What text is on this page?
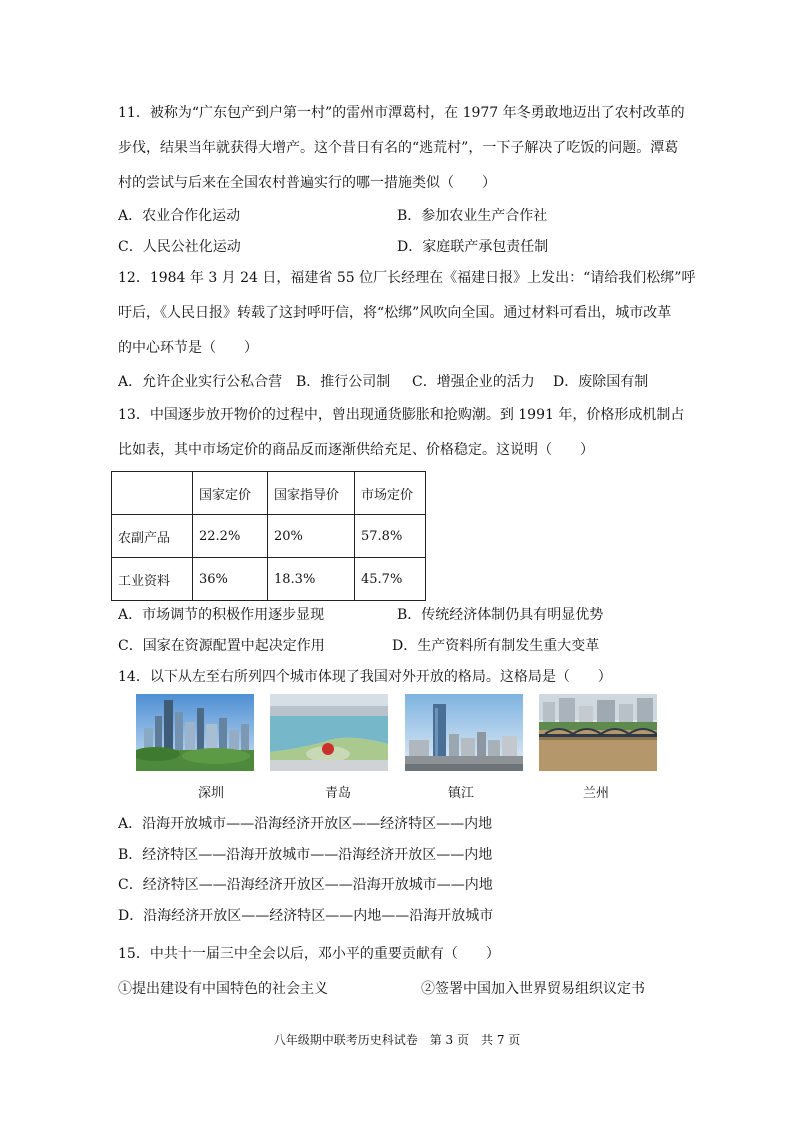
11．被称为“广东包产到户第一村”的雷州市潭葛村，在 1977 年冬勇敢地迈出了农村改革的
步伐，结果当年就获得大增产。这个昔日有名的“逃荒村”，一下子解决了吃饭的问题。潭葛
村的尝试与后来在全国农村普遍实行的哪一措施类似（　　）
A．农业合作化运动	B．参加农业生产合作社
C．人民公社化运动	D．家庭联产承包责任制
12．1984 年 3 月 24 日，福建省 55 位厂长经理在《福建日报》上发出：“请给我们松绑”呼
吁后，《人民日报》转载了这封呼吁信，将“松绑”风吹向全国。通过材料可看出，城市改革
的中心环节是（　　）
A．允许企业实行公私合营 B．推行公司制 C．增强企业的活力 D．废除国有制
13．中国逐步放开物价的过程中，曾出现通货膨胀和抢购潮。到 1991 年，价格形成机制占
比如表，其中市场定价的商品反而逐渐供给充足、价格稳定。这说明（　　）
	国家定价	国家指导价	市场定价
农副产品	22.2%	20%	57.8%
工业资料	36%	18.3%	45.7%
A．市场调节的积极作用逐步显现	B．传统经济体制仍具有明显优势
C．国家在资源配置中起决定作用	D．生产资料所有制发生重大变革
14．以下从左至右所列四个城市体现了我国对外开放的格局。这格局是（　　）
深圳	青岛	镇江	兰州
A．沿海开放城市——沿海经济开放区——经济特区——内地
B．经济特区——沿海开放城市——沿海经济开放区——内地
C．经济特区——沿海经济开放区——沿海开放城市——内地
D．沿海经济开放区——经济特区——内地——沿海开放城市
15．中共十一届三中全会以后，邓小平的重要贡献有（　　）
①提出建设有中国特色的社会主义	②签署中国加入世界贸易组织议定书
八年级期中联考历史科试卷　第 3 页　共 7 页
